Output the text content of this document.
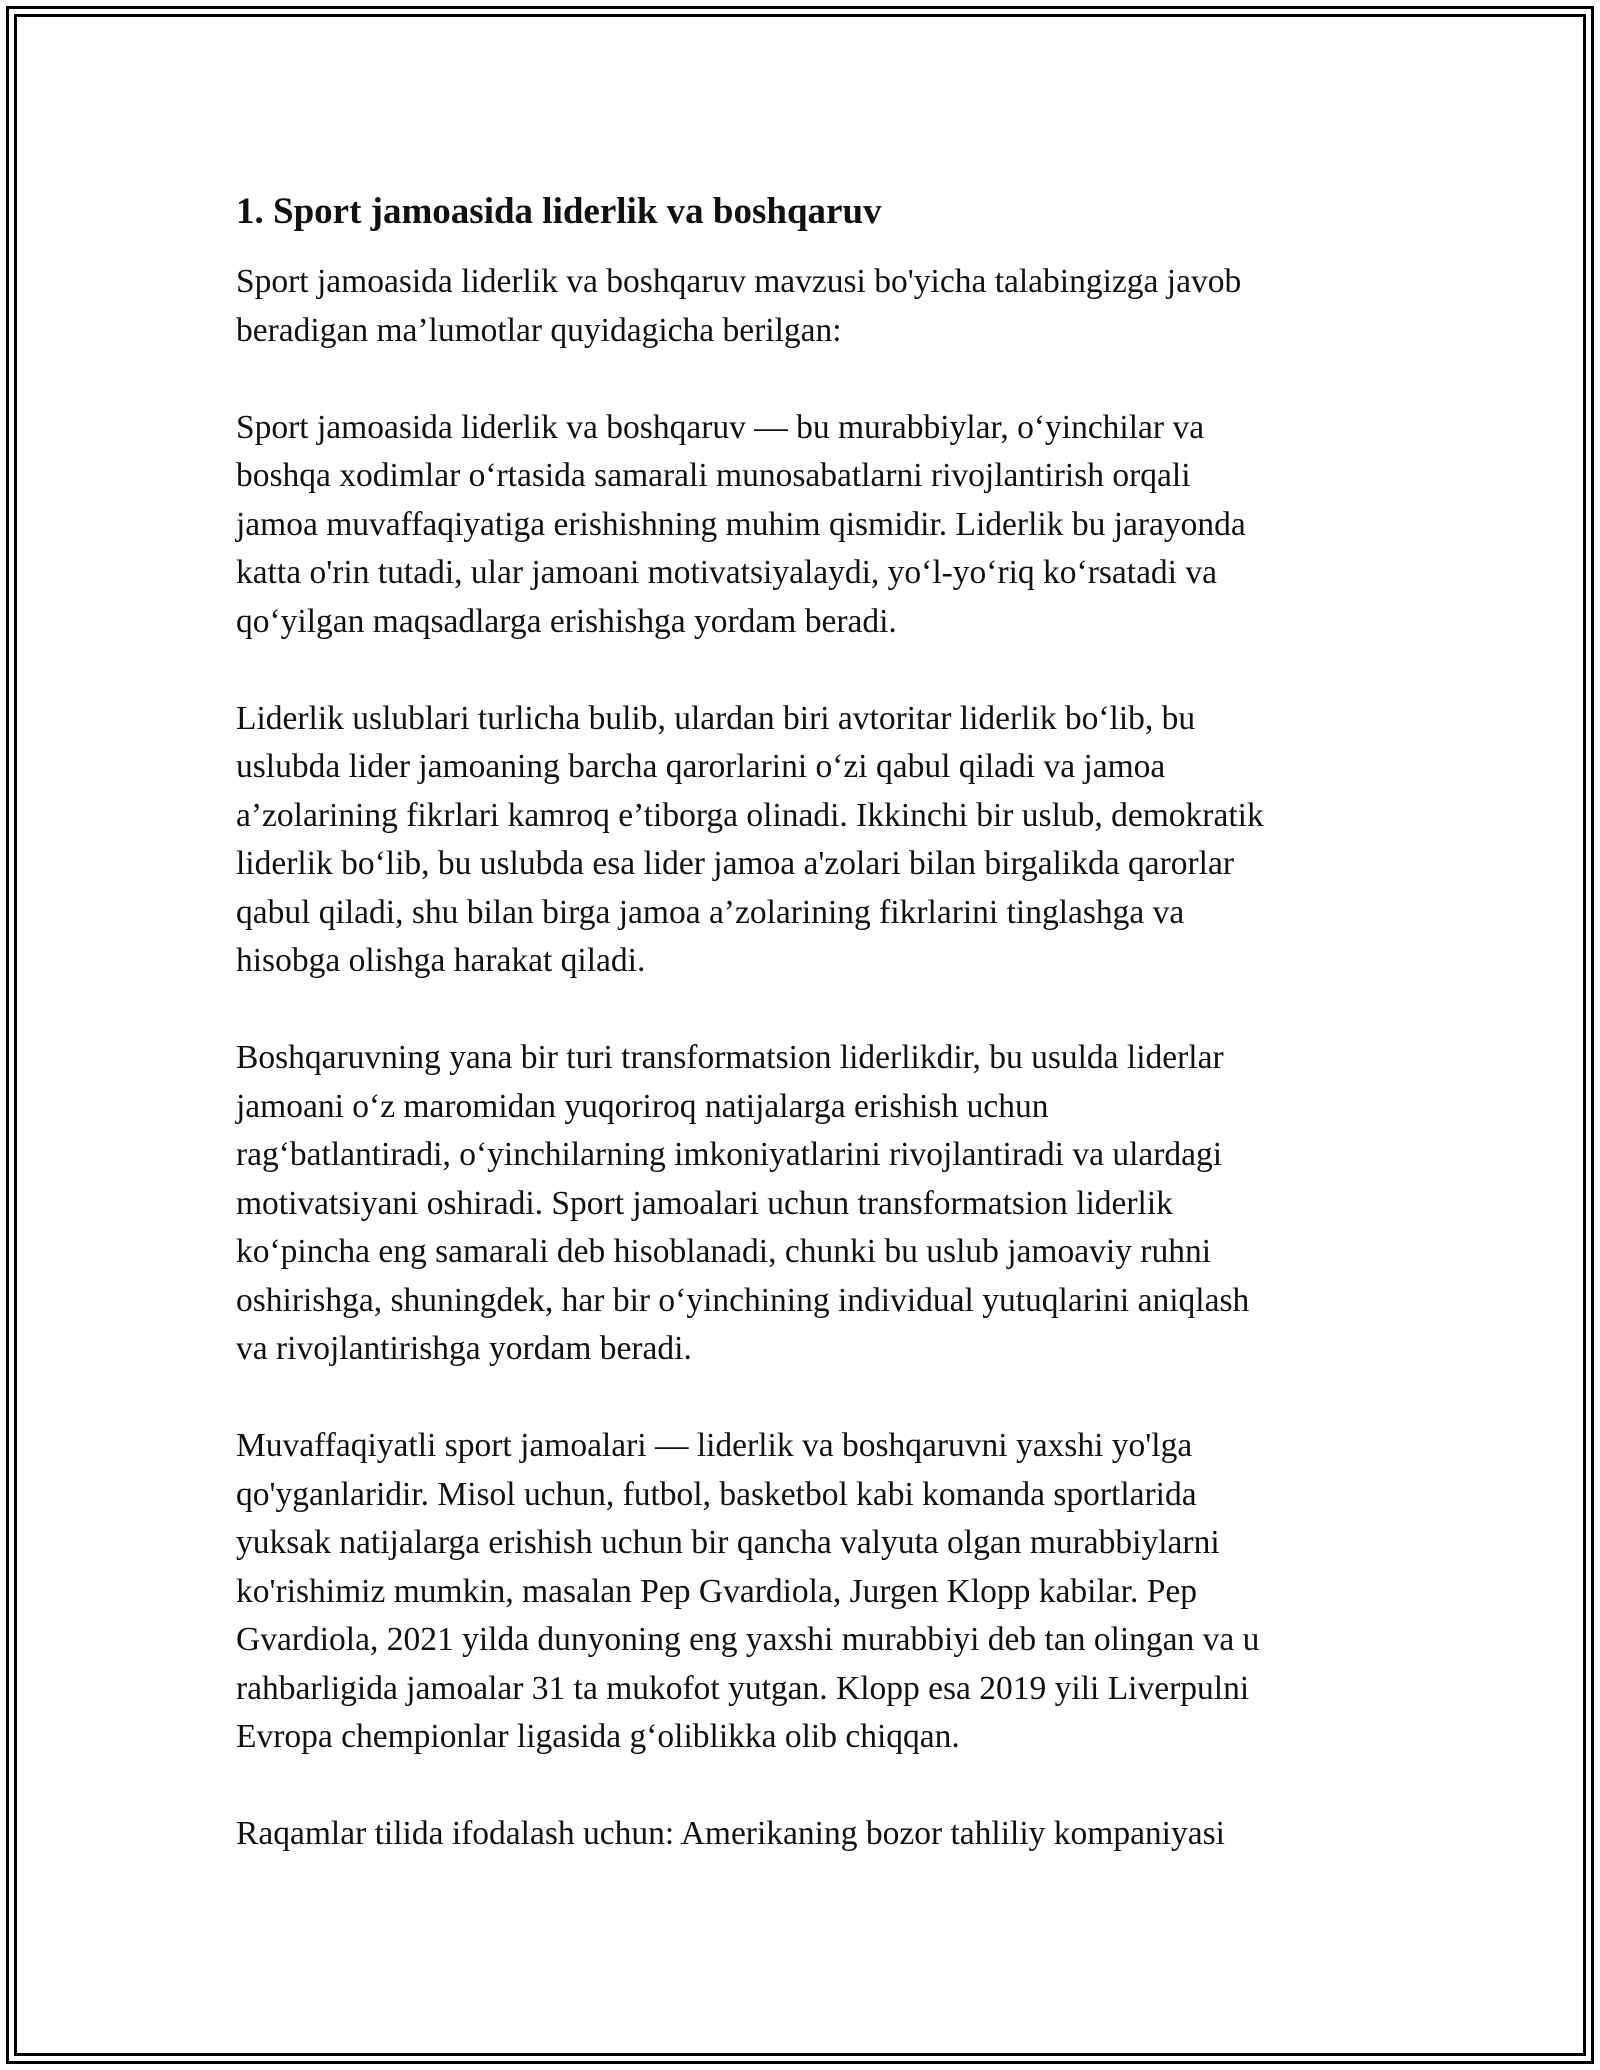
1. Sport jamoasida liderlik va boshqaruv

Sport jamoasida liderlik va boshqaruv mavzusi bo'yicha talabingizga javob
beradigan ma’lumotlar quyidagicha berilgan:

Sport jamoasida liderlik va boshqaruv — bu murabbiylar, o‘yinchilar va
boshqa xodimlar o‘rtasida samarali munosabatlarni rivojlantirish orqali
jamoa muvaffaqiyatiga erishishning muhim qismidir. Liderlik bu jarayonda
katta o'rin tutadi, ular jamoani motivatsiyalaydi, yo‘l-yo‘riq ko‘rsatadi va
qo‘yilgan maqsadlarga erishishga yordam beradi.

Liderlik uslublari turlicha bulib, ulardan biri avtoritar liderlik bo‘lib, bu
uslubda lider jamoaning barcha qarorlarini o‘zi qabul qiladi va jamoa
a’zolarining fikrlari kamroq e’tiborga olinadi. Ikkinchi bir uslub, demokratik
liderlik bo‘lib, bu uslubda esa lider jamoa a'zolari bilan birgalikda qarorlar
qabul qiladi, shu bilan birga jamoa a’zolarining fikrlarini tinglashga va
hisobga olishga harakat qiladi.

Boshqaruvning yana bir turi transformatsion liderlikdir, bu usulda liderlar
jamoani o‘z maromidan yuqoriroq natijalarga erishish uchun
rag‘batlantiradi, o‘yinchilarning imkoniyatlarini rivojlantiradi va ulardagi
motivatsiyani oshiradi. Sport jamoalari uchun transformatsion liderlik
ko‘pincha eng samarali deb hisoblanadi, chunki bu uslub jamoaviy ruhni
oshirishga, shuningdek, har bir o‘yinchining individual yutuqlarini aniqlash
va rivojlantirishga yordam beradi.

Muvaffaqiyatli sport jamoalari — liderlik va boshqaruvni yaxshi yo'lga
qo'yganlaridir. Misol uchun, futbol, basketbol kabi komanda sportlarida
yuksak natijalarga erishish uchun bir qancha valyuta olgan murabbiylarni
ko'rishimiz mumkin, masalan Pep Gvardiola, Jurgen Klopp kabilar. Pep
Gvardiola, 2021 yilda dunyoning eng yaxshi murabbiyi deb tan olingan va u
rahbarligida jamoalar 31 ta mukofot yutgan. Klopp esa 2019 yili Liverpulni
Evropa chempionlar ligasida g‘oliblikka olib chiqqan.

Raqamlar tilida ifodalash uchun: Amerikaning bozor tahliliy kompaniyasi
